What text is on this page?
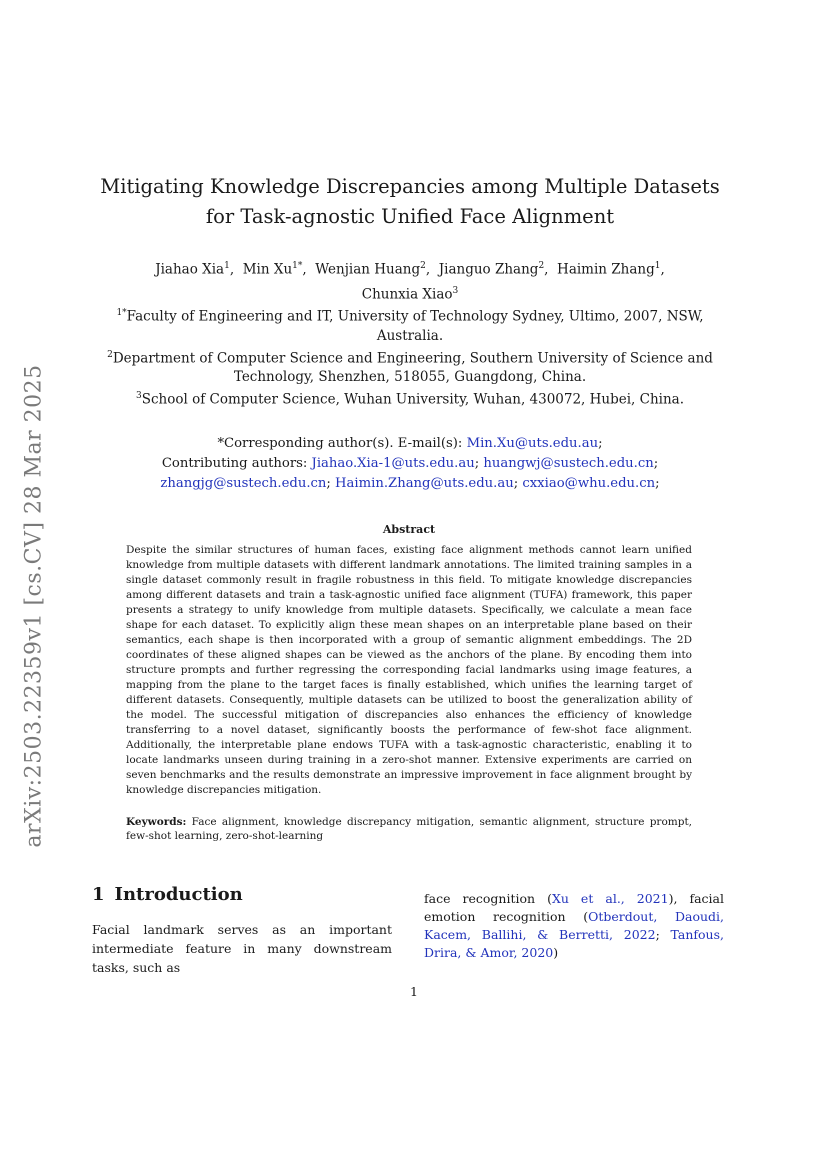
arXiv:2503.22359v1 [cs.CV] 28 Mar 2025
Mitigating Knowledge Discrepancies among Multiple Datasets
for Task-agnostic Unified Face Alignment
Jiahao Xia$^1$,  Min $Xu^{1*}$,  Wenjian Huang$^2$,  Jianguo Zhang$^2$,  Haimin Zhang$^1$,
Chunxia Xiao$^3$
$^{1*}$Faculty of Engineering and IT, University of Technology Sydney, Ultimo, 2007, NSW, Australia.
$^2$Department of Computer Science and Engineering, Southern University of Science and Technology, Shenzhen, 518055, Guangdong, China.
$^3$School of Computer Science, Wuhan University, Wuhan, 430072, Hubei, China.
*Corresponding author(s). E-mail(s): Min.Xu@uts.edu.au;
Contributing authors: Jiahao.Xia-1@uts.edu.au; huangwj@sustech.edu.cn;
zhangjg@sustech.edu.cn; Haimin.Zhang@uts.edu.au; cxxiao@whu.edu.cn;
Abstract

Despite the similar structures of human faces, existing face alignment methods cannot learn unified knowledge from multiple datasets with different landmark annotations. The limited training samples in a single dataset commonly result in fragile robustness in this field. To mitigate knowledge discrepancies among different datasets and train a task-agnostic unified face alignment (TUFA) framework, this paper presents a strategy to unify knowledge from multiple datasets. Specifically, we calculate a mean face shape for each dataset. To explicitly align these mean shapes on an interpretable plane based on their semantics, each shape is then incorporated with a group of semantic alignment embeddings. The 2D coordinates of these aligned shapes can be viewed as the anchors of the plane. By encoding them into structure prompts and further regressing the corresponding facial landmarks using image features, a mapping from the plane to the target faces is finally established, which unifies the learning target of different datasets. Consequently, multiple datasets can be utilized to boost the generalization ability of the model. The successful mitigation of discrepancies also enhances the efficiency of knowledge transferring to a novel dataset, significantly boosts the performance of few-shot face alignment. Additionally, the interpretable plane endows TUFA with a task-agnostic characteristic, enabling it to locate landmarks unseen during training in a zero-shot manner. Extensive experiments are carried on seven benchmarks and the results demonstrate an impressive improvement in face alignment brought by knowledge discrepancies mitigation.

Keywords: Face alignment, knowledge discrepancy mitigation, semantic alignment, structure prompt, few-shot learning, zero-shot-learning
1 Introduction

Facial landmark serves as an important intermediate feature in many downstream tasks, such as

face recognition (Xu et al., 2021), facial emotion recognition (Otberdout, Daoudi, Kacem, Ballihi, & Berretti, 2022; Tanfous, Drira, & Amor, 2020)

1
